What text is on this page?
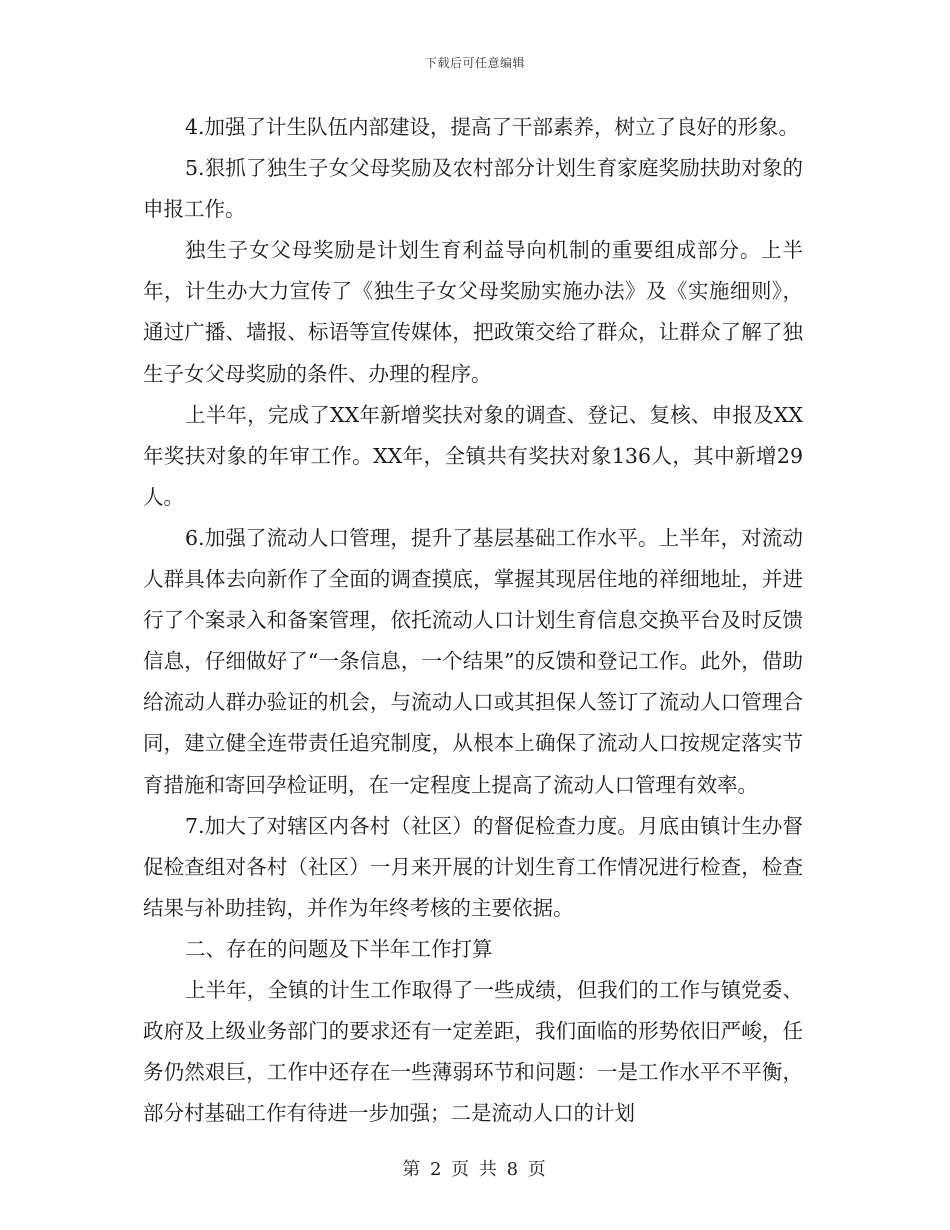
下载后可任意编辑

4.加强了计生队伍内部建设，提高了干部素养，树立了良好的形象。

5.狠抓了独生子女父母奖励及农村部分计划生育家庭奖励扶助对象的申报工作。

独生子女父母奖励是计划生育利益导向机制的重要组成部分。上半年，计生办大力宣传了《独生子女父母奖励实施办法》及《实施细则》，通过广播、墙报、标语等宣传媒体，把政策交给了群众，让群众了解了独生子女父母奖励的条件、办理的程序。

上半年，完成了XX年新增奖扶对象的调查、登记、复核、申报及XX年奖扶对象的年审工作。XX年，全镇共有奖扶对象136人，其中新增29人。

6.加强了流动人口管理，提升了基层基础工作水平。上半年，对流动人群具体去向新作了全面的调查摸底，掌握其现居住地的祥细地址，并进行了个案录入和备案管理，依托流动人口计划生育信息交换平台及时反馈信息，仔细做好了“一条信息，一个结果”的反馈和登记工作。此外，借助给流动人群办验证的机会，与流动人口或其担保人签订了流动人口管理合同，建立健全连带责任追究制度，从根本上确保了流动人口按规定落实节育措施和寄回孕检证明，在一定程度上提高了流动人口管理有效率。

7.加大了对辖区内各村（社区）的督促检查力度。月底由镇计生办督促检查组对各村（社区）一月来开展的计划生育工作情况进行检查，检查结果与补助挂钩，并作为年终考核的主要依据。

二、存在的问题及下半年工作打算

上半年，全镇的计生工作取得了一些成绩，但我们的工作与镇党委、政府及上级业务部门的要求还有一定差距，我们面临的形势依旧严峻，任务仍然艰巨，工作中还存在一些薄弱环节和问题：一是工作水平不平衡，部分村基础工作有待进一步加强；二是流动人口的计划

第 2 页 共 8 页
